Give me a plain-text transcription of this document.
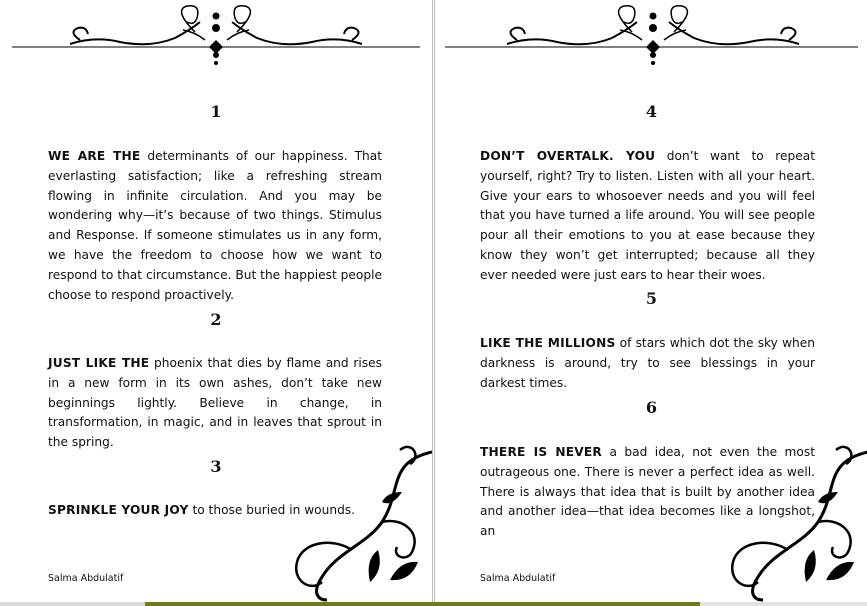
1
WE ARE THE determinants of our happiness. That everlasting satisfaction; like a refreshing stream flowing in infinite circulation. And you may be wondering why—it’s because of two things. Stimulus and Response. If someone stimulates us in any form, we have the freedom to choose how we want to respond to that circumstance. But the happiest people choose to respond proactively.
2
JUST LIKE THE phoenix that dies by flame and rises in a new form in its own ashes, don’t take new beginnings lightly. Believe in change, in transformation, in magic, and in leaves that sprout in the spring.
3
SPRINKLE YOUR JOY to those buried in wounds.
Salma Abdulatif
4
DON’T OVERTALK. YOU don’t want to repeat yourself, right? Try to listen. Listen with all your heart. Give your ears to whosoever needs and you will feel that you have turned a life around. You will see people pour all their emotions to you at ease because they know they won’t get interrupted; because all they ever needed were just ears to hear their woes.
5
LIKE THE MILLIONS of stars which dot the sky when darkness is around, try to see blessings in your darkest times.
6
THERE IS NEVER a bad idea, not even the most outrageous one. There is never a perfect idea as well. There is always that idea that is built by another idea and another idea—that idea becomes like a longshot, an
Salma Abdulatif
